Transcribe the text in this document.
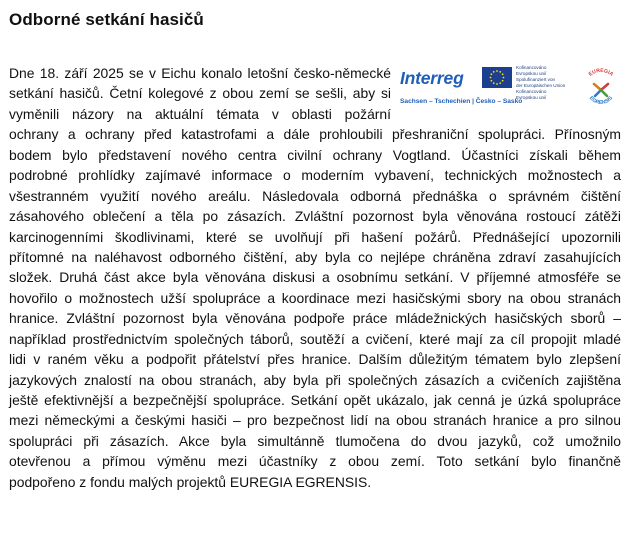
Odborné setkání hasičů
Interreg
Kofinancováno
Evropskou unií
Spolufinanziert von
der Europäischen Union
Kofinancováno
Evropskou unií
Sachsen – Tschechien | Česko – Sasko
EUREGIA
EGRENSIS
Dne 18. září 2025 se v Eichu konalo letošní česko-německé
setkání hasičů. Četní kolegové z obou zemí se sešli, aby si
vyměnili názory na aktuální témata v oblasti požární
ochrany a ochrany před katastrofami a dále prohloubili přeshraniční spolupráci. Přínosným
bodem bylo představení nového centra civilní ochrany Vogtland. Účastníci získali během
podrobné prohlídky zajímavé informace o moderním vybavení, technických možnostech a
všestranném využití nového areálu. Následovala odborná přednáška o správném čištění
zásahového oblečení a těla po zásazích. Zvláštní pozornost byla věnována rostoucí zátěži
karcinogenními škodlivinami, které se uvolňují při hašení požárů. Přednášející upozornili
přítomné na naléhavost odborného čištění, aby byla co nejlépe chráněna zdraví zasahujících
složek. Druhá část akce byla věnována diskusi a osobnímu setkání. V příjemné atmosféře se
hovořilo o možnostech užší spolupráce a koordinace mezi hasičskými sbory na obou stranách
hranice. Zvláštní pozornost byla věnována podpoře práce mládežnických hasičských sborů –
například prostřednictvím společných táborů, soutěží a cvičení, které mají za cíl propojit mladé
lidi v raném věku a podpořit přátelství přes hranice. Dalším důležitým tématem bylo zlepšení
jazykových znalostí na obou stranách, aby byla při společných zásazích a cvičeních zajištěna
ještě efektivnější a bezpečnější spolupráce. Setkání opět ukázalo, jak cenná je úzká spolupráce
mezi německými a českými hasiči – pro bezpečnost lidí na obou stranách hranice a pro silnou
spolupráci při zásazích. Akce byla simultánně tlumočena do dvou jazyků, což umožnilo
otevřenou a přímou výměnu mezi účastníky z obou zemí. Toto setkání bylo finančně
podpořeno z fondu malých projektů EUREGIA EGRENSIS.
